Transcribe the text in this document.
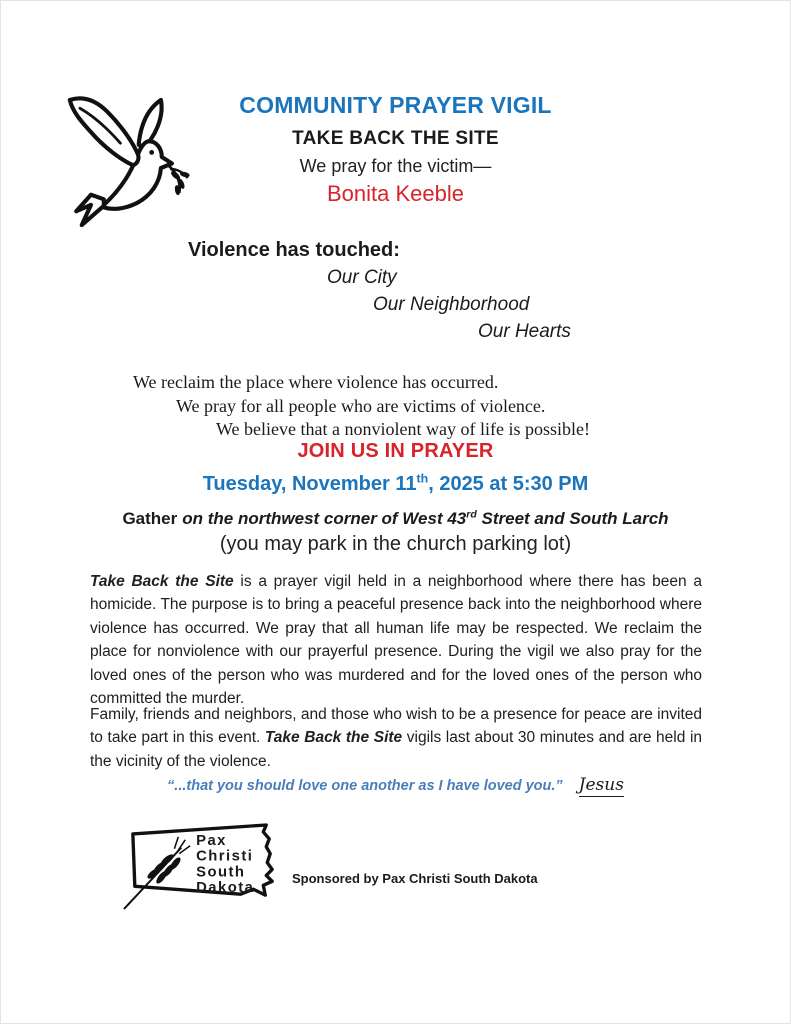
COMMUNITY PRAYER VIGIL
TAKE BACK THE SITE
We pray for the victim—
Bonita Keeble
Violence has touched:
Our City
Our Neighborhood
Our Hearts
We reclaim the place where violence has occurred.
We pray for all people who are victims of violence.
We believe that a nonviolent way of life is possible!
JOIN US IN PRAYER
Tuesday, November 11th, 2025 at 5:30 PM
Gather on the northwest corner of West 43rd Street and South Larch
(you may park in the church parking lot)
Take Back the Site is a prayer vigil held in a neighborhood where there has been a homicide. The purpose is to bring a peaceful presence back into the neighborhood where violence has occurred. We pray that all human life may be respected. We reclaim the place for nonviolence with our prayerful presence. During the vigil we also pray for the loved ones of the person who was murdered and for the loved ones of the person who committed the murder.
Family, friends and neighbors, and those who wish to be a presence for peace are invited to take part in this event. Take Back the Site vigils last about 30 minutes and are held in the vicinity of the violence.
“...that you should love one another as I have loved you.” Jesus
Pax
Christi
South
Dakota
Sponsored by Pax Christi South Dakota
